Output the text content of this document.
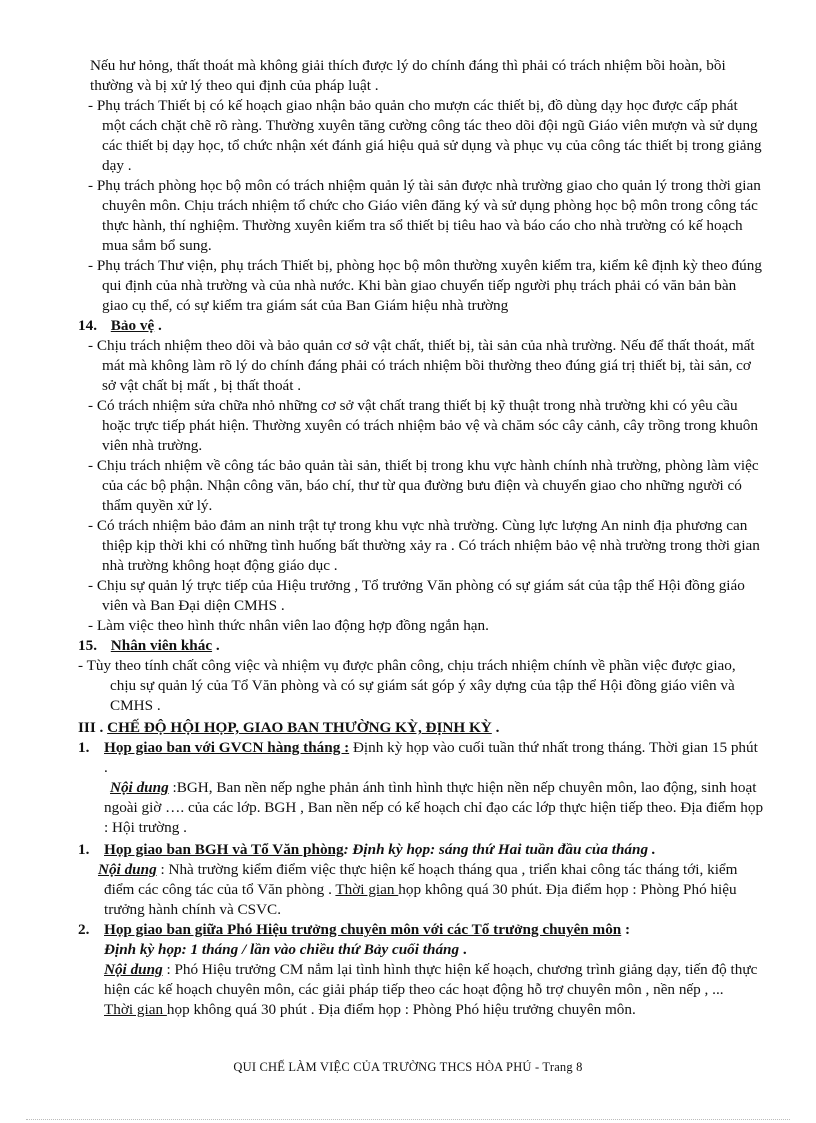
Nếu hư hỏng, thất thoát mà không giải thích được lý do chính đáng thì phải có trách nhiệm bồi hoàn, bồi thường và bị xử lý theo qui định của pháp luật .

- Phụ trách Thiết bị có kế hoạch giao nhận bảo quản cho mượn các thiết bị, đồ dùng dạy học được cấp phát một cách chặt chẽ rõ ràng. Thường xuyên tăng cường công tác theo dõi đội ngũ Giáo viên mượn và sử dụng các thiết bị dạy học, tổ chức nhận xét đánh giá hiệu quả sử dụng và phục vụ của công tác thiết bị trong giảng dạy .

- Phụ trách phòng học bộ môn có trách nhiệm quản lý tài sản được nhà trường giao cho quản lý trong thời gian chuyên môn. Chịu trách nhiệm tổ chức cho Giáo viên đăng ký và sử dụng phòng học bộ môn trong công tác thực hành, thí nghiệm. Thường xuyên kiểm tra sổ thiết bị tiêu hao và báo cáo cho nhà trường có kế hoạch mua sắm bổ sung.

- Phụ trách Thư viện, phụ trách Thiết bị, phòng học bộ môn thường xuyên kiểm tra, kiểm kê định kỳ theo đúng qui định của nhà trường và của nhà nước. Khi bàn giao chuyển tiếp người phụ trách phải có văn bản bàn giao cụ thể, có sự kiểm tra giám sát của Ban Giám hiệu nhà trường

14. Bảo vệ .

- Chịu trách nhiệm theo dõi và bảo quản cơ sở vật chất, thiết bị, tài sản của nhà trường. Nếu để thất thoát, mất mát mà không làm rõ lý do chính đáng phải có trách nhiệm bồi thường theo đúng giá trị thiết bị, tài sản, cơ sở vật chất bị mất , bị thất thoát .

- Có trách nhiệm sửa chữa nhỏ những cơ sở vật chất trang thiết bị kỹ thuật trong nhà trường khi có yêu cầu hoặc trực tiếp phát hiện. Thường xuyên có trách nhiệm bảo vệ và chăm sóc cây cảnh, cây trồng trong khuôn viên nhà trường.

- Chịu trách nhiệm về công tác bảo quản tài sản, thiết bị trong khu vực hành chính nhà trường, phòng làm việc của các bộ phận. Nhận công văn, báo chí, thư từ qua đường bưu điện và chuyển giao cho những người có thẩm quyền xử lý.

- Có trách nhiệm bảo đảm an ninh trật tự trong khu vực nhà trường. Cùng lực lượng An ninh địa phương can thiệp kịp thời khi có những tình huống bất thường xảy ra . Có trách nhiệm bảo vệ nhà trường trong thời gian nhà trường không hoạt động giáo dục .

- Chịu sự quản lý trực tiếp của Hiệu trưởng , Tổ trưởng Văn phòng có sự giám sát của tập thể Hội đồng giáo viên và Ban Đại diện CMHS .

- Làm việc theo hình thức nhân viên lao động hợp đồng ngắn hạn.

15. Nhân viên khác .

- Tùy theo tính chất công việc và nhiệm vụ được phân công, chịu trách nhiệm chính về phần việc được giao, chịu sự quản lý của Tổ Văn phòng và có sự giám sát góp ý xây dựng của tập thể Hội đồng giáo viên và CMHS .

III . CHẾ ĐỘ HỘI HỌP, GIAO BAN THƯỜNG KỲ, ĐỊNH KỲ .

1. Họp giao ban với GVCN hàng tháng : Định kỳ họp vào cuối tuần thứ nhất trong tháng. Thời gian 15 phút .

Nội dung :BGH, Ban nền nếp nghe phản ánh tình hình thực hiện nền nếp chuyên môn, lao động, sinh hoạt ngoài giờ …. của các lớp. BGH , Ban nền nếp có kế hoạch chỉ đạo các lớp thực hiện tiếp theo. Địa điểm họp : Hội trường .

1. Họp giao ban BGH và Tổ Văn phòng: Định kỳ họp: sáng thứ Hai tuần đầu của tháng .

Nội dung : Nhà trường kiểm điểm việc thực hiện kế hoạch tháng qua , triển khai công tác tháng tới, kiểm điểm các công tác của tổ Văn phòng . Thời gian họp không quá 30 phút. Địa điểm họp : Phòng Phó hiệu trưởng hành chính và CSVC.

2. Họp giao ban giữa Phó Hiệu trưởng chuyên môn với các Tổ trưởng chuyên môn :

Định kỳ họp: 1 tháng / lần vào chiều thứ Bảy cuối tháng .

Nội dung : Phó Hiệu trưởng CM nắm lại tình hình thực hiện kế hoạch, chương trình giảng dạy, tiến độ thực hiện các kế hoạch chuyên môn, các giải pháp tiếp theo các hoạt động hỗ trợ chuyên môn , nền nếp , ...

Thời gian họp không quá 30 phút . Địa điểm họp : Phòng Phó hiệu trưởng chuyên môn.

QUI CHẾ LÀM VIỆC CỦA TRƯỜNG THCS HÒA PHÚ - Trang 8
